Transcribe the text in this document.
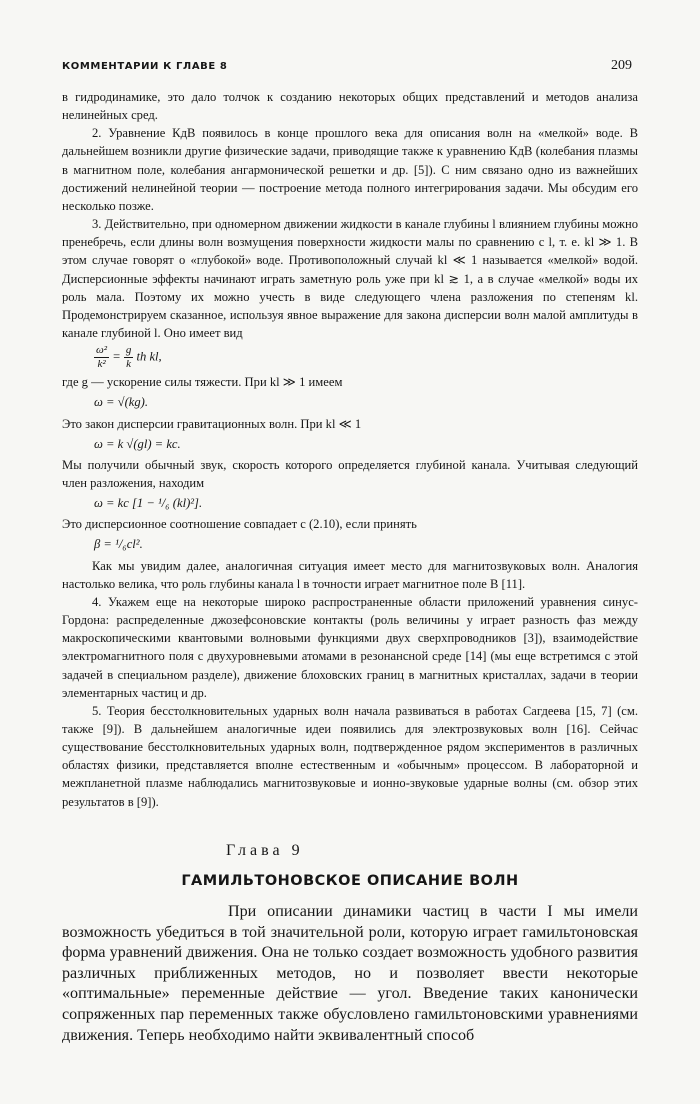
КОММЕНТАРИИ К ГЛАВЕ 8	209

в гидродинамике, это дало толчок к созданию некоторых общих представлений и методов анализа нелинейных сред.

2. Уравнение КдВ появилось в конце прошлого века для описания волн на «мелкой» воде. В дальнейшем возникли другие физические задачи, приводящие также к уравнению КдВ (колебания плазмы в магнитном поле, колебания ангармонической решетки и др. [5]). С ним связано одно из важнейших достижений нелинейной теории — построение метода полного интегрирования задачи. Мы обсудим его несколько позже.

3. Действительно, при одномерном движении жидкости в канале глубины l влиянием глубины можно пренебречь, если длины волн возмущения поверхности жидкости малы по сравнению с l, т. е. kl ≫ 1. В этом случае говорят о «глубокой» воде. Противоположный случай kl ≪ 1 называется «мелкой» водой. Дисперсионные эффекты начинают играть заметную роль уже при kl ≳ 1, а в случае «мелкой» воды их роль мала. Поэтому их можно учесть в виде следующего члена разложения по степеням kl. Продемонстрируем сказанное, используя явное выражение для закона дисперсии волн малой амплитуды в канале глубиной l. Оно имеет вид

$\frac{\text{ω²}}{\text{k²}} = \frac{g}{k}$ th kl,

где g — ускорение силы тяжести. При kl ≫ 1 имеем

ω = √(kg).

Это закон дисперсии гравитационных волн. При kl ≪ 1

ω = k √(gl) = kc.

Мы получили обычный звук, скорость которого определяется глубиной канала. Учитывая следующий член разложения, находим

ω = kc [1 − ¹/₆ (kl)²].

Это дисперсионное соотношение совпадает с (2.10), если принять

β = ¹/₆cl².

Как мы увидим далее, аналогичная ситуация имеет место для магнитозвуковых волн. Аналогия настолько велика, что роль глубины канала l в точности играет магнитное поле B [11].

4. Укажем еще на некоторые широко распространенные области приложений уравнения синус-Гордона: распределенные джозефсоновские контакты (роль величины y играет разность фаз между макроскопическими квантовыми волновыми функциями двух сверхпроводников [3]), взаимодействие электромагнитного поля с двухуровневыми атомами в резонансной среде [14] (мы еще встретимся с этой задачей в специальном разделе), движение блоховских границ в магнитных кристаллах, задачи в теории элементарных частиц и др.

5. Теория бесстолкновительных ударных волн начала развиваться в работах Сагдеева [15, 7] (см. также [9]). В дальнейшем аналогичные идеи появились для электрозвуковых волн [16]. Сейчас существование бесстолкновительных ударных волн, подтвержденное рядом экспериментов в различных областях физики, представляется вполне естественным и «обычным» процессом. В лабораторной и межпланетной плазме наблюдались магнитозвуковые и ионно-звуковые ударные волны (см. обзор этих результатов в [9]).

Глава 9
ГАМИЛЬТОНОВСКОЕ ОПИСАНИЕ ВОЛН

При описании динамики частиц в части I мы имели возможность убедиться в той значительной роли, которую играет гамильтоновская форма уравнений движения. Она не только создает возможность удобного развития различных приближенных методов, но и позволяет ввести некоторые «оптимальные» переменные действие — угол. Введение таких канонически сопряженных пар переменных также обусловлено гамильтоновскими уравнениями движения. Теперь необходимо найти эквивалентный способ
